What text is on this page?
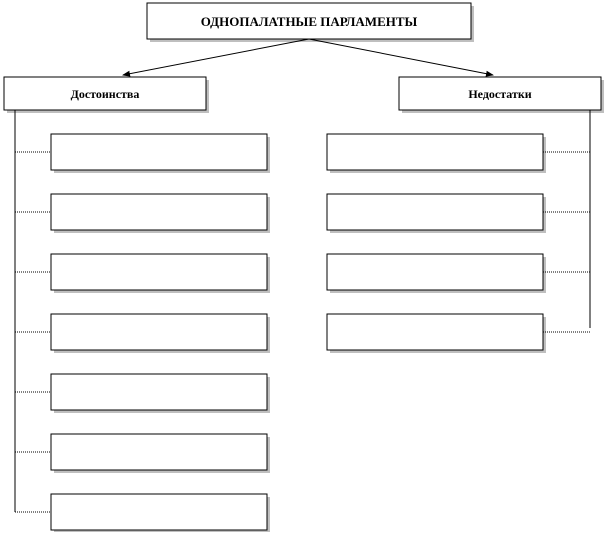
ОДНОПАЛАТНЫЕ ПАРЛАМЕНТЫ
Достоинства	Недостатки
